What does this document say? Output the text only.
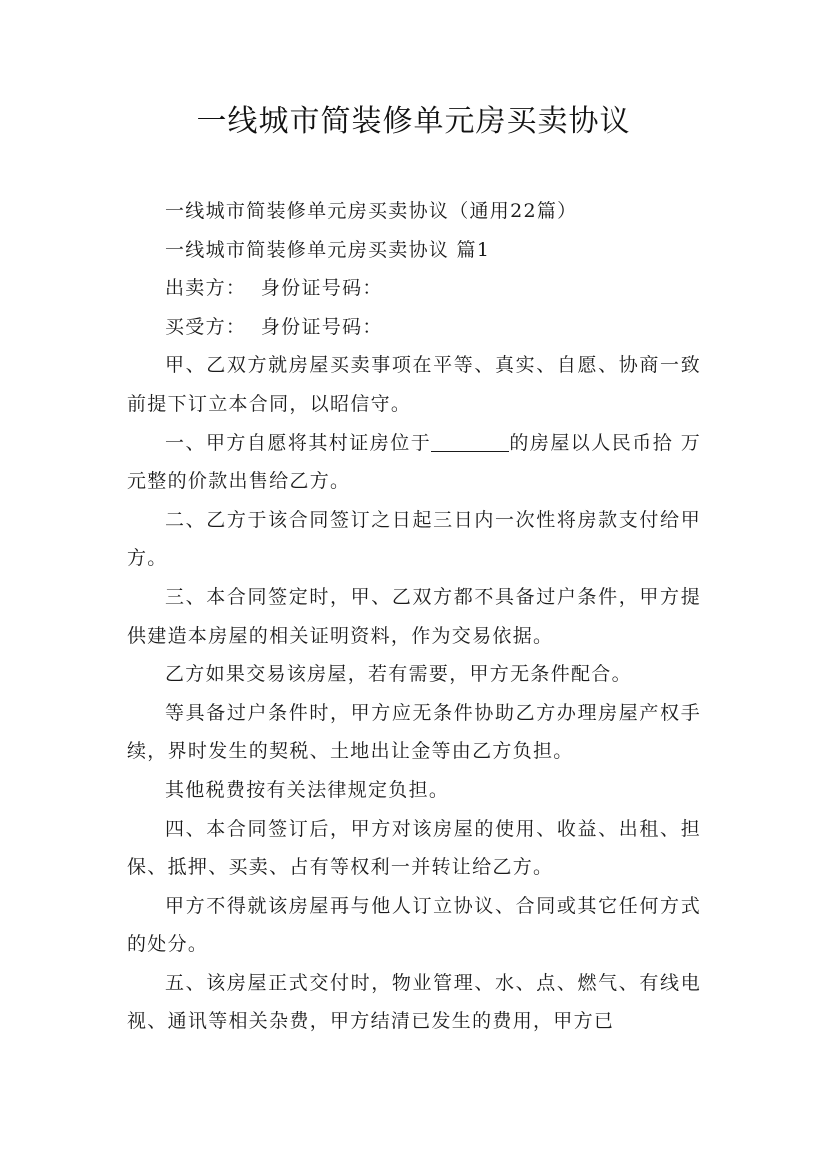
一线城市简装修单元房买卖协议

一线城市简装修单元房买卖协议（通用22篇）

一线城市简装修单元房买卖协议 篇1

出卖方：  身份证号码：

买受方：  身份证号码：

甲、乙双方就房屋买卖事项在平等、真实、自愿、协商一致前提下订立本合同，以昭信守。

一、甲方自愿将其村证房位于	的房屋以人民币拾 万元整的价款出售给乙方。

二、乙方于该合同签订之日起三日内一次性将房款支付给甲方。

三、本合同签定时，甲、乙双方都不具备过户条件，甲方提供建造本房屋的相关证明资料，作为交易依据。

乙方如果交易该房屋，若有需要，甲方无条件配合。

等具备过户条件时，甲方应无条件协助乙方办理房屋产权手续，界时发生的契税、土地出让金等由乙方负担。

其他税费按有关法律规定负担。

四、本合同签订后，甲方对该房屋的使用、收益、出租、担保、抵押、买卖、占有等权利一并转让给乙方。

甲方不得就该房屋再与他人订立协议、合同或其它任何方式的处分。

五、该房屋正式交付时，物业管理、水、点、燃气、有线电视、通讯等相关杂费，甲方结清已发生的费用，甲方已
